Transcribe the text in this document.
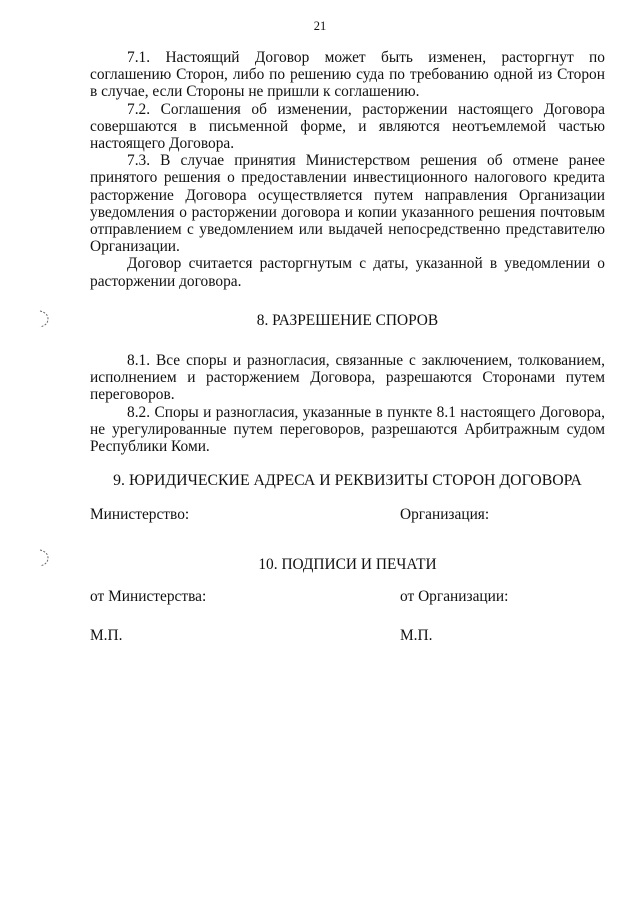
21

7.1. Настоящий Договор может быть изменен, расторгнут по соглашению Сторон, либо по решению суда по требованию одной из Сторон в случае, если Стороны не пришли к соглашению.

7.2. Соглашения об изменении, расторжении настоящего Договора совершаются в письменной форме, и являются неотъемлемой частью настоящего Договора.

7.3. В случае принятия Министерством решения об отмене ранее принятого решения о предоставлении инвестиционного налогового кредита расторжение Договора осуществляется путем направления Организации уведомления о расторжении договора и копии указанного решения почтовым отправлением с уведомлением или выдачей непосредственно представителю Организации.

Договор считается расторгнутым с даты, указанной в уведомлении о расторжении договора.

8. РАЗРЕШЕНИЕ СПОРОВ

8.1. Все споры и разногласия, связанные с заключением, толкованием, исполнением и расторжением Договора, разрешаются Сторонами путем переговоров.

8.2. Споры и разногласия, указанные в пункте 8.1 настоящего Договора, не урегулированные путем переговоров, разрешаются Арбитражным судом Республики Коми.

9. ЮРИДИЧЕСКИЕ АДРЕСА И РЕКВИЗИТЫ СТОРОН ДОГОВОРА

Министерство:	Организация:

10. ПОДПИСИ И ПЕЧАТИ

от Министерства:	от Организации:
М.П.	М.П.
